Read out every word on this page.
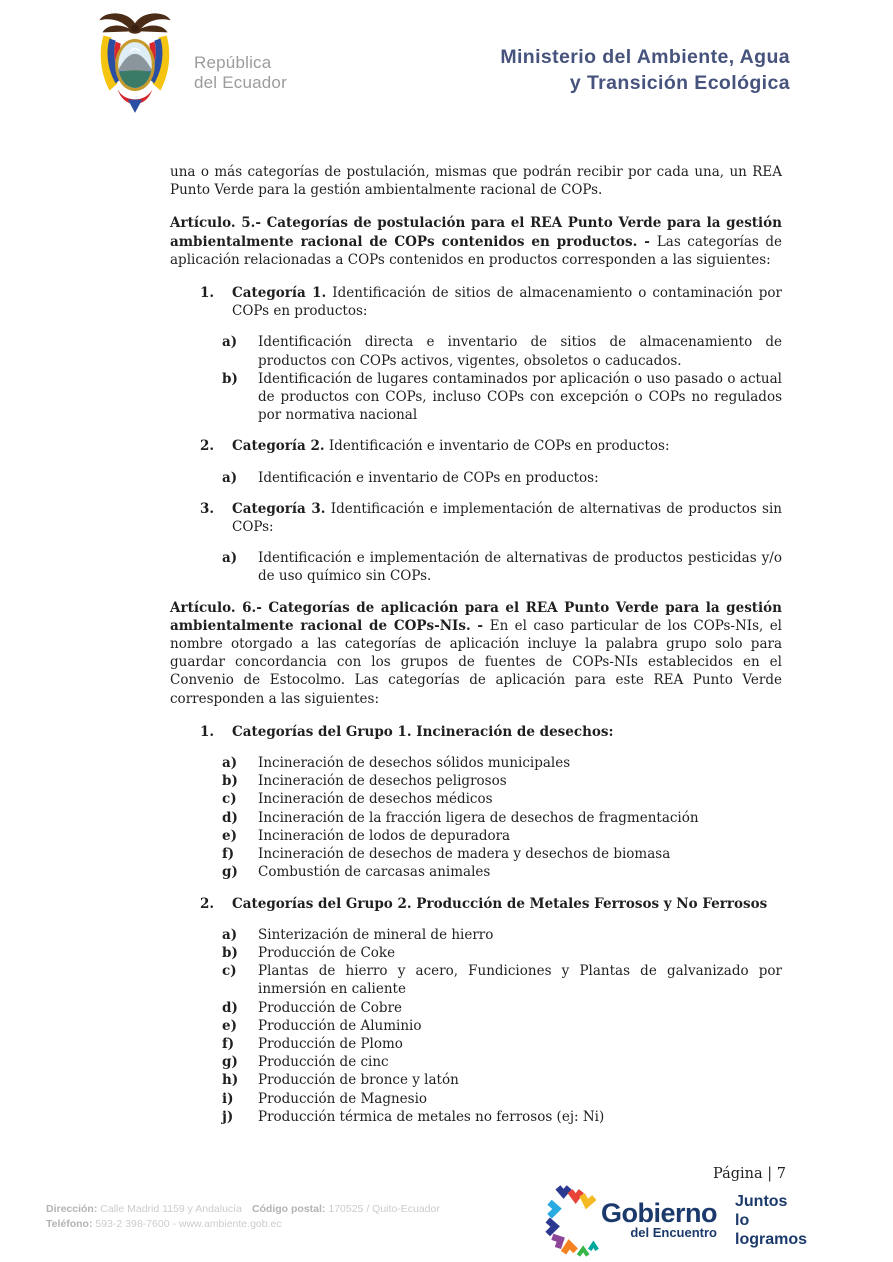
República
del Ecuador
Ministerio del Ambiente, Agua
y Transición Ecológica

una o más categorías de postulación, mismas que podrán recibir por cada una, un REA Punto Verde para la gestión ambientalmente racional de COPs.

Artículo. 5.- Categorías de postulación para el REA Punto Verde para la gestión ambientalmente racional de COPs contenidos en productos. - Las categorías de aplicación relacionadas a COPs contenidos en productos corresponden a las siguientes:

1.	Categoría 1. Identificación de sitios de almacenamiento o contaminación por COPs en productos:
a)	Identificación directa e inventario de sitios de almacenamiento de productos con COPs activos, vigentes, obsoletos o caducados.
b)	Identificación de lugares contaminados por aplicación o uso pasado o actual de productos con COPs, incluso COPs con excepción o COPs no regulados por normativa nacional
2.	Categoría 2. Identificación e inventario de COPs en productos:
a)	Identificación e inventario de COPs en productos:
3.	Categoría 3. Identificación e implementación de alternativas de productos sin COPs:
a)	Identificación e implementación de alternativas de productos pesticidas y/o de uso químico sin COPs.

Artículo. 6.- Categorías de aplicación para el REA Punto Verde para la gestión ambientalmente racional de COPs-NIs. - En el caso particular de los COPs-NIs, el nombre otorgado a las categorías de aplicación incluye la palabra grupo solo para guardar concordancia con los grupos de fuentes de COPs-NIs establecidos en el Convenio de Estocolmo. Las categorías de aplicación para este REA Punto Verde corresponden a las siguientes:

1.	Categorías del Grupo 1. Incineración de desechos:
a)	Incineración de desechos sólidos municipales
b)	Incineración de desechos peligrosos
c)	Incineración de desechos médicos
d)	Incineración de la fracción ligera de desechos de fragmentación
e)	Incineración de lodos de depuradora
f)	Incineración de desechos de madera y desechos de biomasa
g)	Combustión de carcasas animales
2.	Categorías del Grupo 2. Producción de Metales Ferrosos y No Ferrosos
a)	Sinterización de mineral de hierro
b)	Producción de Coke
c)	Plantas de hierro y acero, Fundiciones y Plantas de galvanizado por inmersión en caliente
d)	Producción de Cobre
e)	Producción de Aluminio
f)	Producción de Plomo
g)	Producción de cinc
h)	Producción de bronce y latón
i)	Producción de Magnesio
j)	Producción térmica de metales no ferrosos (ej: Ni)
Página | 7
Dirección: Calle Madrid 1159 y Andalucía Código postal: 170525 / Quito-Ecuador
Teléfono: 593-2 398-7600 - www.ambiente.gob.ec	Gobierno
del Encuentro
Juntos
lo logramos
